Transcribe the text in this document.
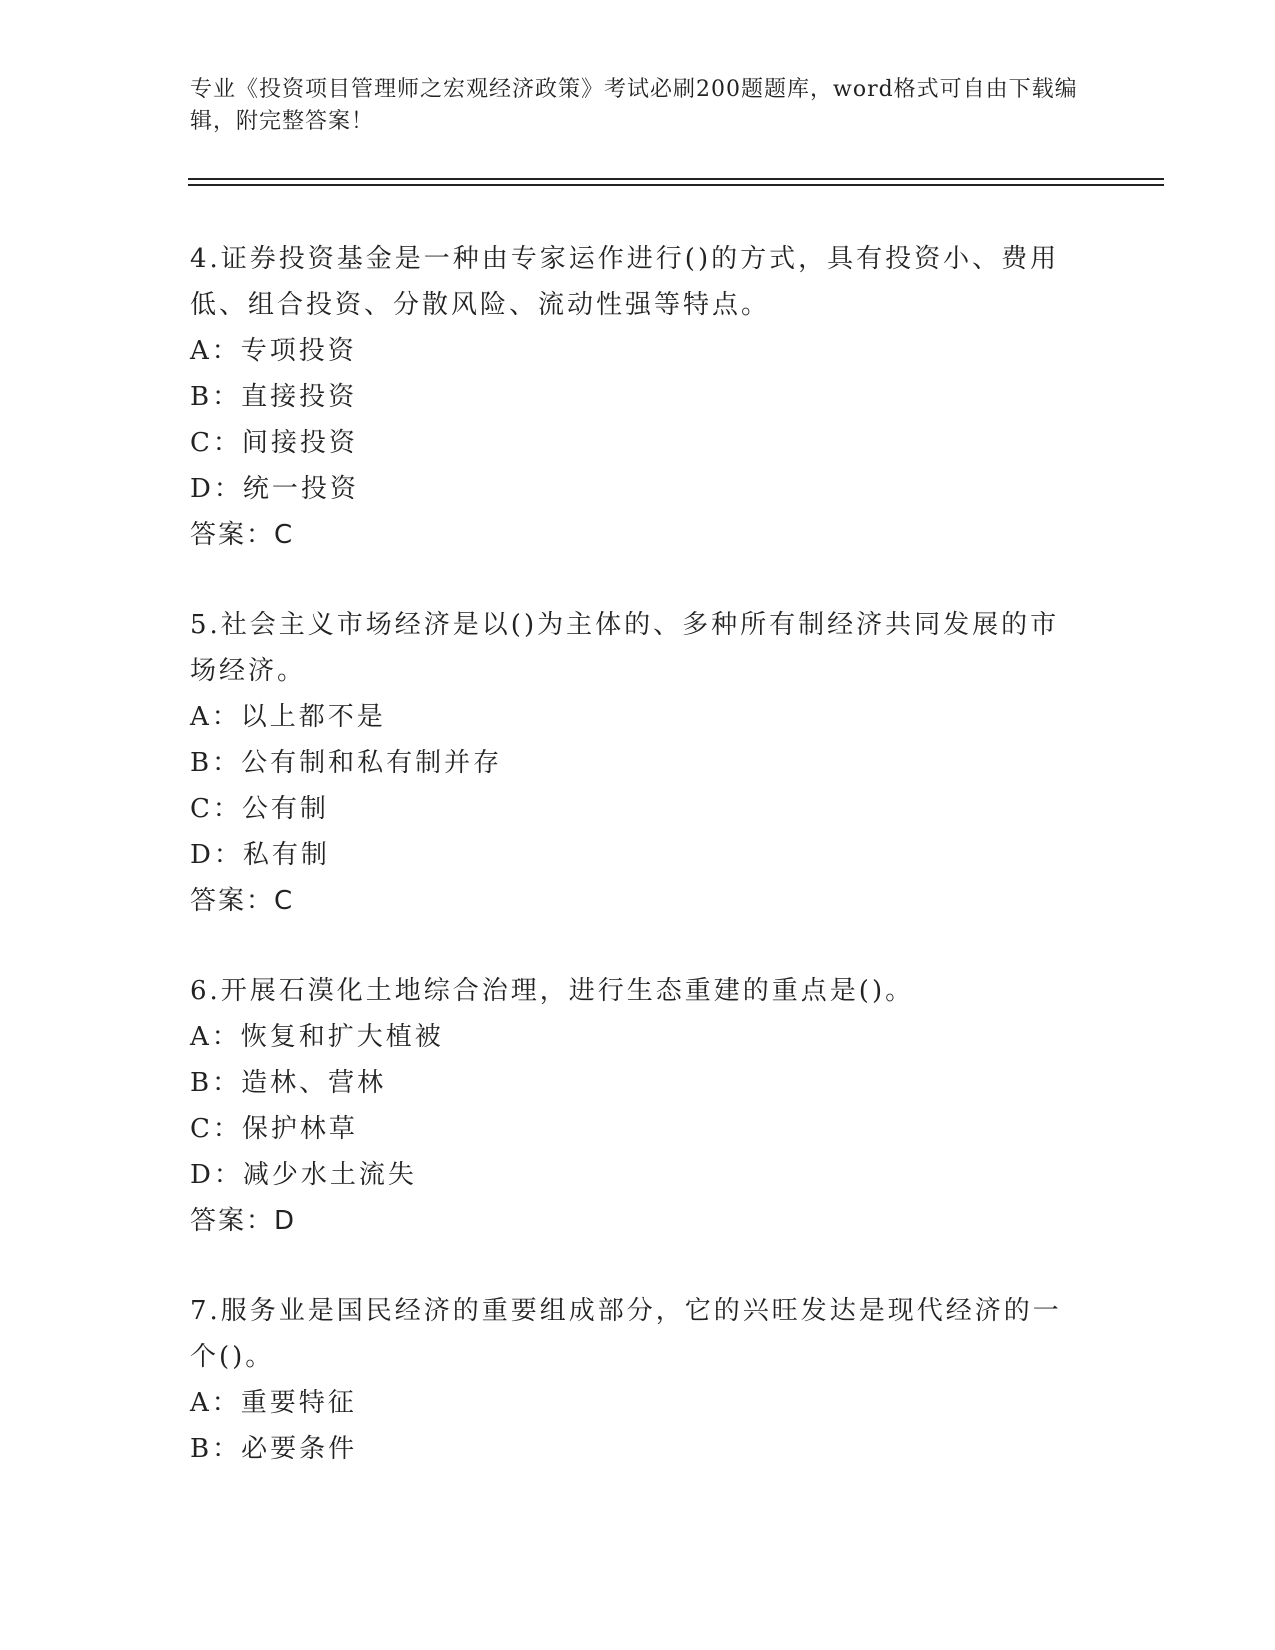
专业《投资项目管理师之宏观经济政策》考试必刷200题题库，word格式可自由下载编辑，附完整答案！

4.证券投资基金是一种由专家运作进行()的方式，具有投资小、费用低、组合投资、分散风险、流动性强等特点。

A：专项投资

B：直接投资

C：间接投资

D：统一投资

答案：C

5.社会主义市场经济是以()为主体的、多种所有制经济共同发展的市场经济。

A：以上都不是

B：公有制和私有制并存

C：公有制

D：私有制

答案：C

6.开展石漠化土地综合治理，进行生态重建的重点是()。

A：恢复和扩大植被

B：造林、营林

C：保护林草

D：减少水土流失

答案：D

7.服务业是国民经济的重要组成部分，它的兴旺发达是现代经济的一个()。

A：重要特征

B：必要条件
